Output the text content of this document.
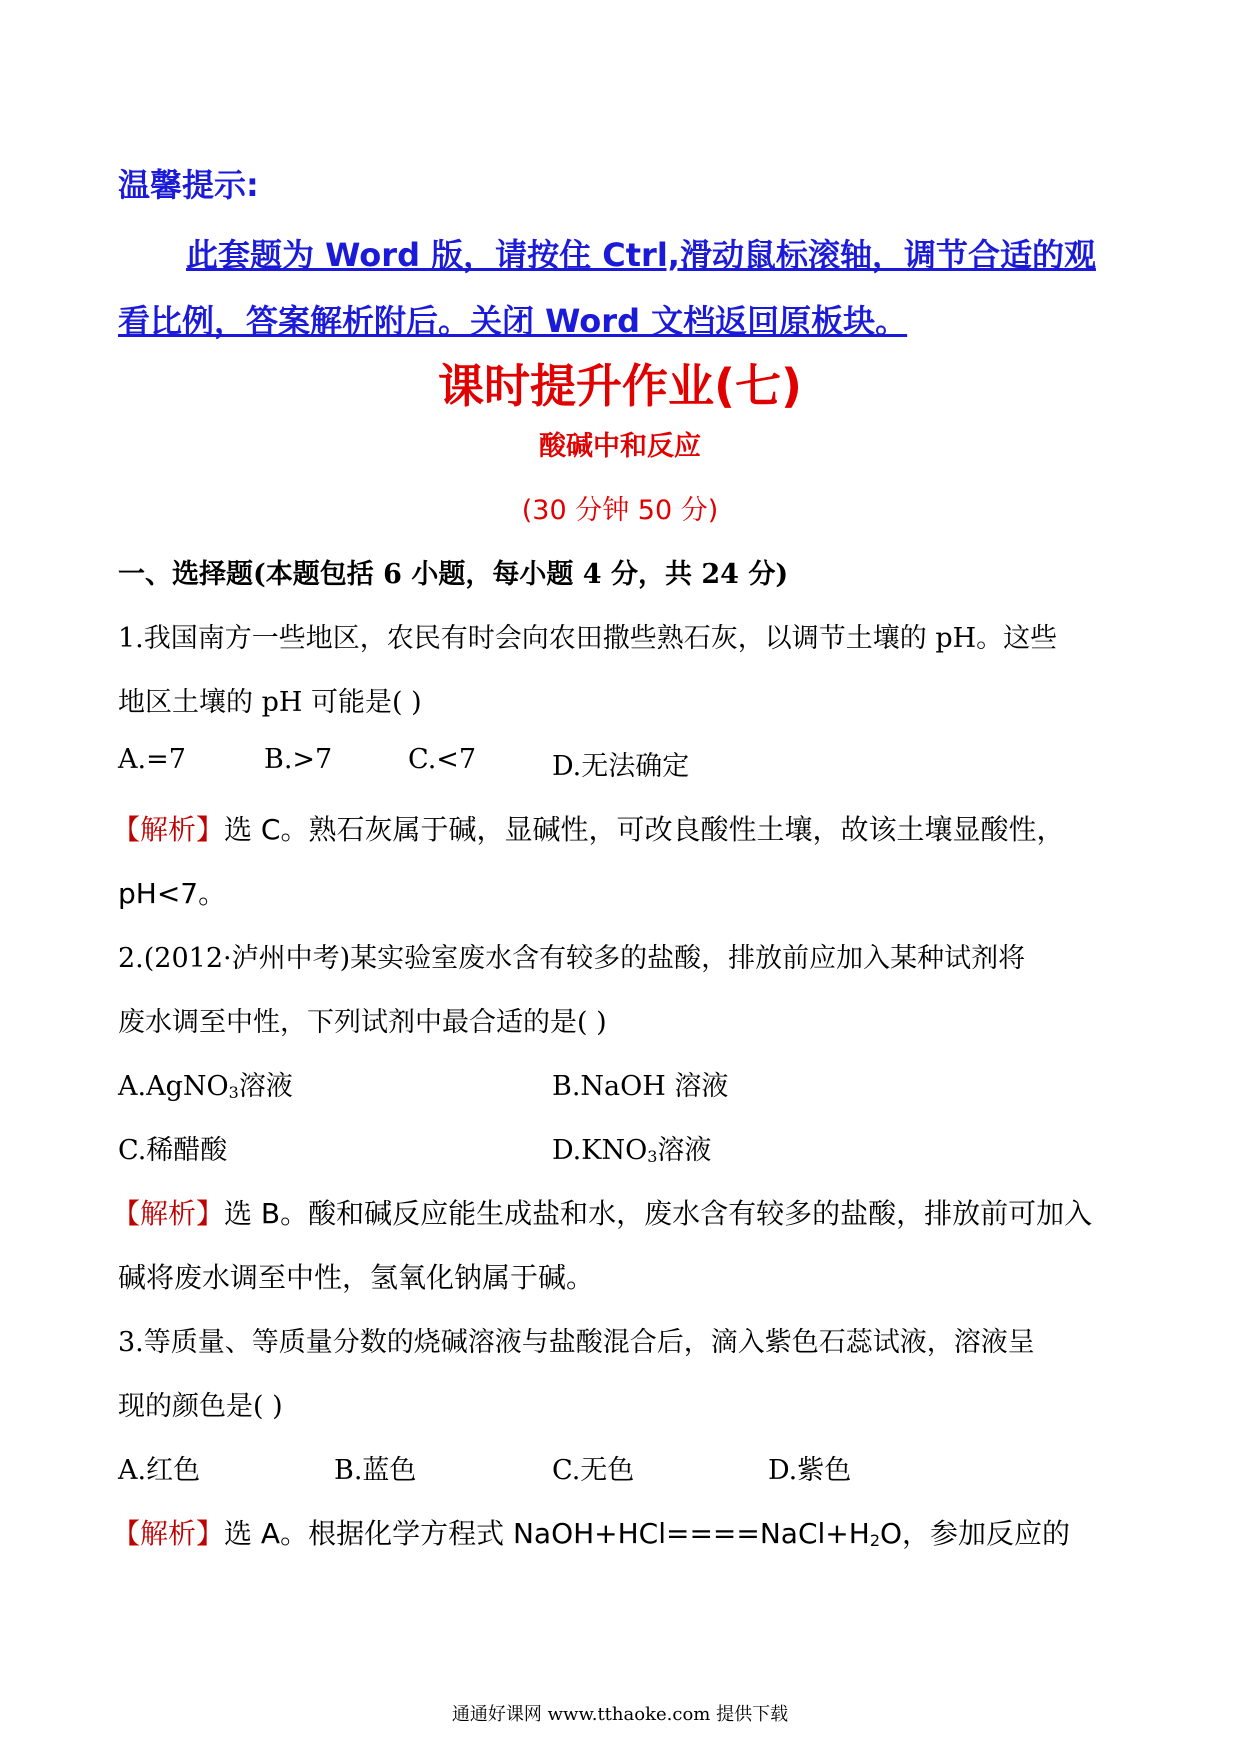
温馨提示:
此套题为 Word 版，请按住 Ctrl,滑动鼠标滚轴，调节合适的观
看比例，答案解析附后。关闭 Word 文档返回原板块。
课时提升作业(七)
酸碱中和反应
(30 分钟 50 分)
一、选择题(本题包括 6 小题，每小题 4 分，共 24 分)
1.我国南方一些地区，农民有时会向农田撒些熟石灰，以调节土壤的 pH。这些
地区土壤的 pH 可能是( )
A.=7	B.>7	C.<7	D.无法确定
【解析】选 C。熟石灰属于碱，显碱性，可改良酸性土壤，故该土壤显酸性，
pH<7。
2.(2012·泸州中考)某实验室废水含有较多的盐酸，排放前应加入某种试剂将
废水调至中性，下列试剂中最合适的是( )
A.AgNO$_3$溶液	B.NaOH 溶液
C.稀醋酸	$D.KNO_3$溶液
【解析】选 B。酸和碱反应能生成盐和水，废水含有较多的盐酸，排放前可加入
碱将废水调至中性，氢氧化钠属于碱。
3.等质量、等质量分数的烧碱溶液与盐酸混合后，滴入紫色石蕊试液，溶液呈
现的颜色是( )
A.红色	B.蓝色	C.无色	D.紫色
【解析】选 A。根据化学方程式 $NaOH+HCl====NaCl+H_2O$，参加反应的
通通好课网 www.tthaoke.com 提供下载
